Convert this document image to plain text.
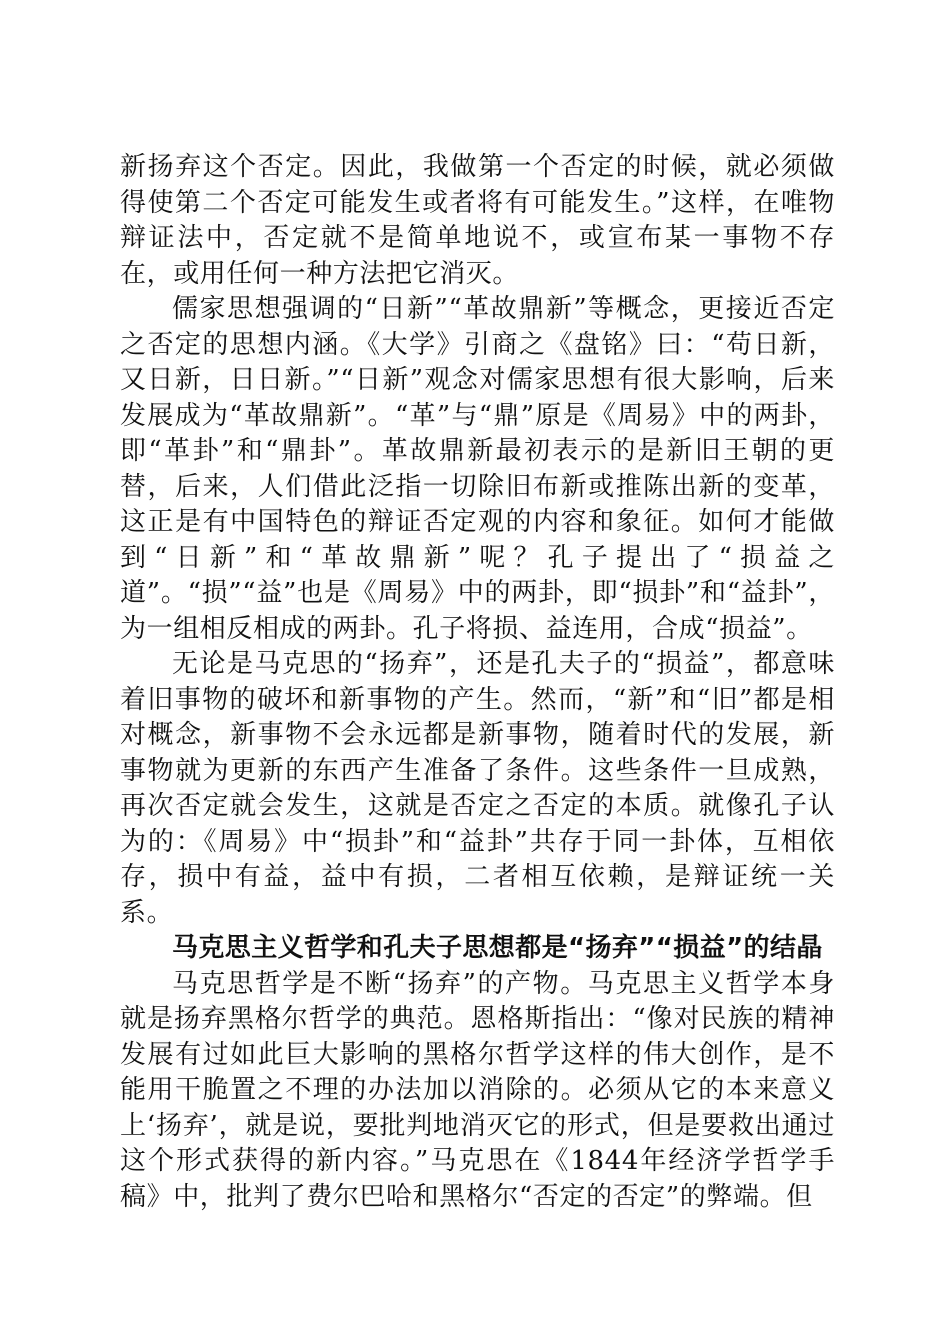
新扬弃这个否定。因此，我做第一个否定的时候，就必须做得使第二个否定可能发生或者将有可能发生。”这样，在唯物辩证法中，否定就不是简单地说不，或宣布某一事物不存在，或用任何一种方法把它消灭。

儒家思想强调的“日新”“革故鼎新”等概念，更接近否定之否定的思想内涵。《大学》引商之《盘铭》曰：“苟日新，又日新，日日新。”“日新”观念对儒家思想有很大影响，后来发展成为“革故鼎新”。“革”与“鼎”原是《周易》中的两卦，即“革卦”和“鼎卦”。革故鼎新最初表示的是新旧王朝的更替，后来，人们借此泛指一切除旧布新或推陈出新的变革，这正是有中国特色的辩证否定观的内容和象征。如何才能做到“日新”和“革故鼎新”呢？孔子提出了“损益之道”。“损”“益”也是《周易》中的两卦，即“损卦”和“益卦”，为一组相反相成的两卦。孔子将损、益连用，合成“损益”。

无论是马克思的“扬弃”，还是孔夫子的“损益”，都意味着旧事物的破坏和新事物的产生。然而，“新”和“旧”都是相对概念，新事物不会永远都是新事物，随着时代的发展，新事物就为更新的东西产生准备了条件。这些条件一旦成熟，再次否定就会发生，这就是否定之否定的本质。就像孔子认为的：《周易》中“损卦”和“益卦”共存于同一卦体，互相依存，损中有益，益中有损，二者相互依赖，是辩证统一关系。

马克思主义哲学和孔夫子思想都是“扬弃”“损益”的结晶

马克思哲学是不断“扬弃”的产物。马克思主义哲学本身就是扬弃黑格尔哲学的典范。恩格斯指出：“像对民族的精神发展有过如此巨大影响的黑格尔哲学这样的伟大创作，是不能用干脆置之不理的办法加以消除的。必须从它的本来意义上‘扬弃’，就是说，要批判地消灭它的形式，但是要救出通过这个形式获得的新内容。”马克思在《1844年经济学哲学手稿》中，批判了费尔巴哈和黑格尔“否定的否定”的弊端。但
